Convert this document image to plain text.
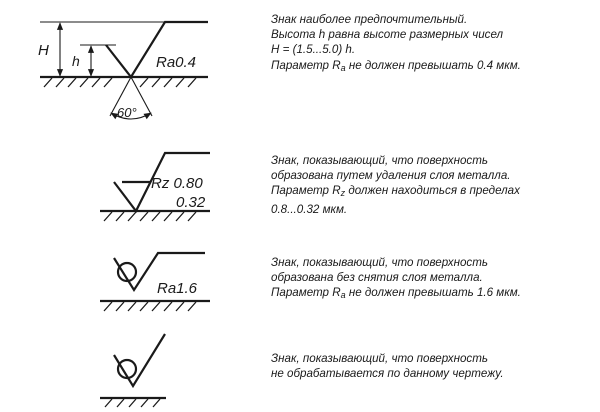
H
h	Ra0.4
60°
Rz 0.80
0.32
Ra1.6

Знак наиболее предпочтительный.
Высота h равна высоте размерных чисел
H = (1.5...5.0) h.
Параметр $R_a$ не должен превышать 0.4 мкм.

Знак, показывающий, что поверхность
образована путем удаления слоя металла.
Параметр $R_z$ должен находиться в пределах
0.8...0.32 мкм.

Знак, показывающий, что поверхность
образована без снятия слоя металла.
Параметр $R_a$ не должен превышать 1.6 мкм.

Знак, показывающий, что поверхность
не обрабатывается по данному чертежу.
